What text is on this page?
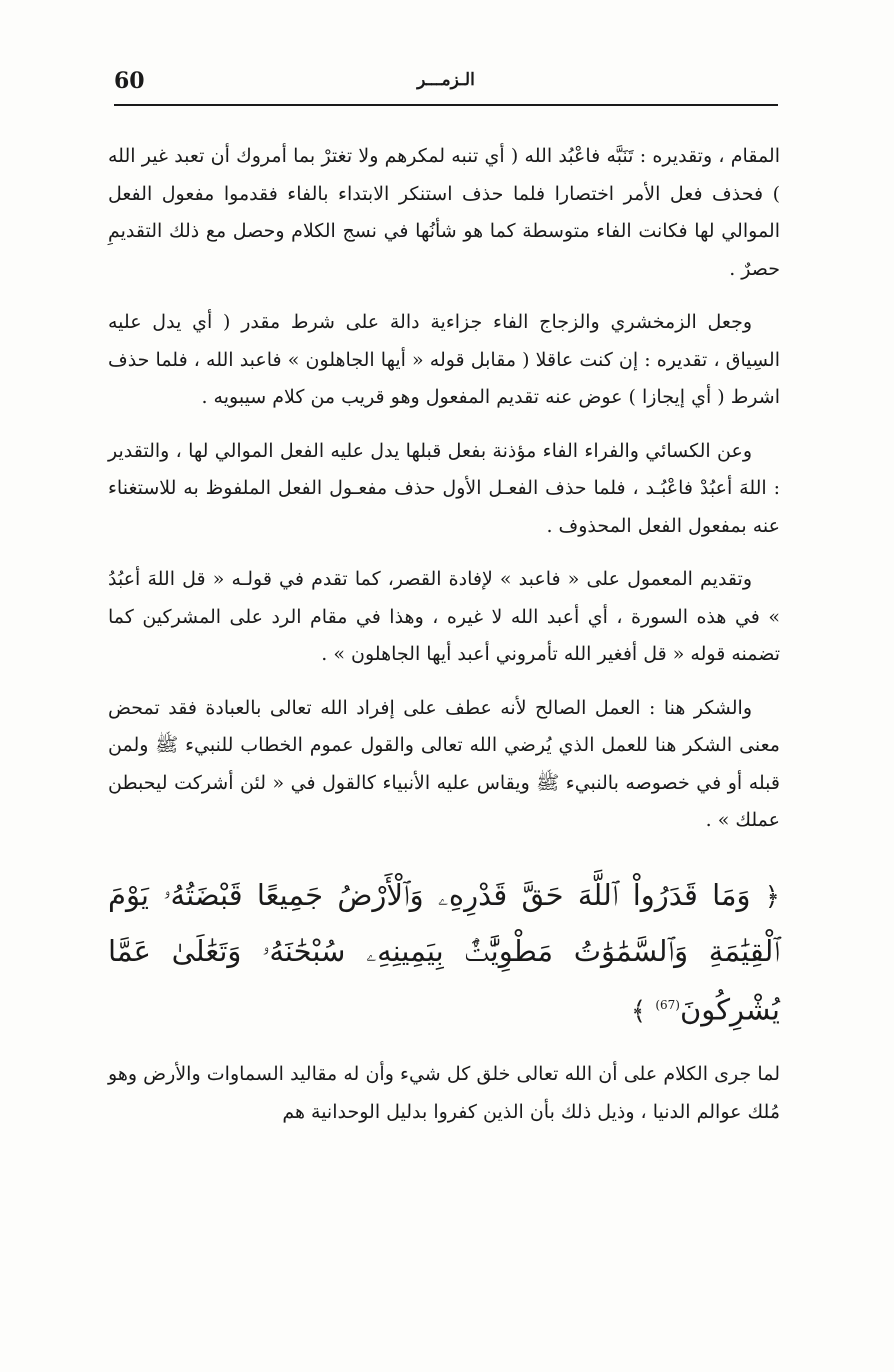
60	الـزمـــر

المقام ، وتقديره : تَنَبَّه فاعْبُد الله ( أي تنبه لمكرهم ولا تغترْ بما أمروك أن تعبد غير الله ) فحذف فعل الأمر اختصارا فلما حذف استنكر الابتداء بالفاء فقدموا مفعول الفعل الموالي لها فكانت الفاء متوسطة كما هو شأنُها في نسج الكلام وحصل مع ذلك التقديمِ حصرٌ .

وجعل الزمخشري والزجاج الفاء جزاءية دالة على شرط مقدر ( أي يدل عليه السِياق ، تقديره : إن كنت عاقلا ( مقابل قوله « أيها الجاهلون » فاعبد الله ، فلما حذف اشرط ( أي إيجازا ) عوض عنه تقديم المفعول وهو قريب من كلام سيبويه .

وعن الكسائي والفراء الفاء مؤذنة بفعل قبلها يدل عليه الفعل الموالي لها ، والتقدير : اللهَ أعبُدْ فاعْبُـد ، فلما حذف الفعـل الأول حذف مفعـول الفعل الملفوظ به للاستغناء عنه بمفعول الفعل المحذوف .

وتقديم المعمول على « فاعبد » لإفادة القصر، كما تقدم في قولـه « قل اللهَ أعبُدُ » في هذه السورة ، أي أعبد الله لا غيره ، وهذا في مقام الرد على المشركين كما تضمنه قوله « قل أفغير الله تأمروني أعبد أيها الجاهلون » .

والشكر هنا : العمل الصالح لأنه عطف على إفراد الله تعالى بالعبادة فقد تمحض معنى الشكر هنا للعمل الذي يُرضي الله تعالى والقول عموم الخطاب للنبيء ﷺ ولمن قبله أو في خصوصه بالنبيء ﷺ ويقاس عليه الأنبياء كالقول في « لئن أشركت ليحبطن عملك » .

﴿ وَمَا قَدَرُواْ ٱللَّهَ حَقَّ قَدْرِهِۦ وَٱلْأَرْضُ جَمِيعًا قَبْضَتُهُۥ يَوْمَ ٱلْقِيَٰمَةِ وَٱلسَّمَٰوَٰتُ مَطْوِيَّٰتٌۢ بِيَمِينِهِۦ سُبْحَٰنَهُۥ وَتَعَٰلَىٰ عَمَّا يُشْرِكُونَ$^{(67)}$ ﴾

لما جرى الكلام على أن الله تعالى خلق كل شيء وأن له مقاليد السماوات والأرض وهو مُلك عوالم الدنيا ، وذيل ذلك بأن الذين كفروا بدليل الوحدانية هم
